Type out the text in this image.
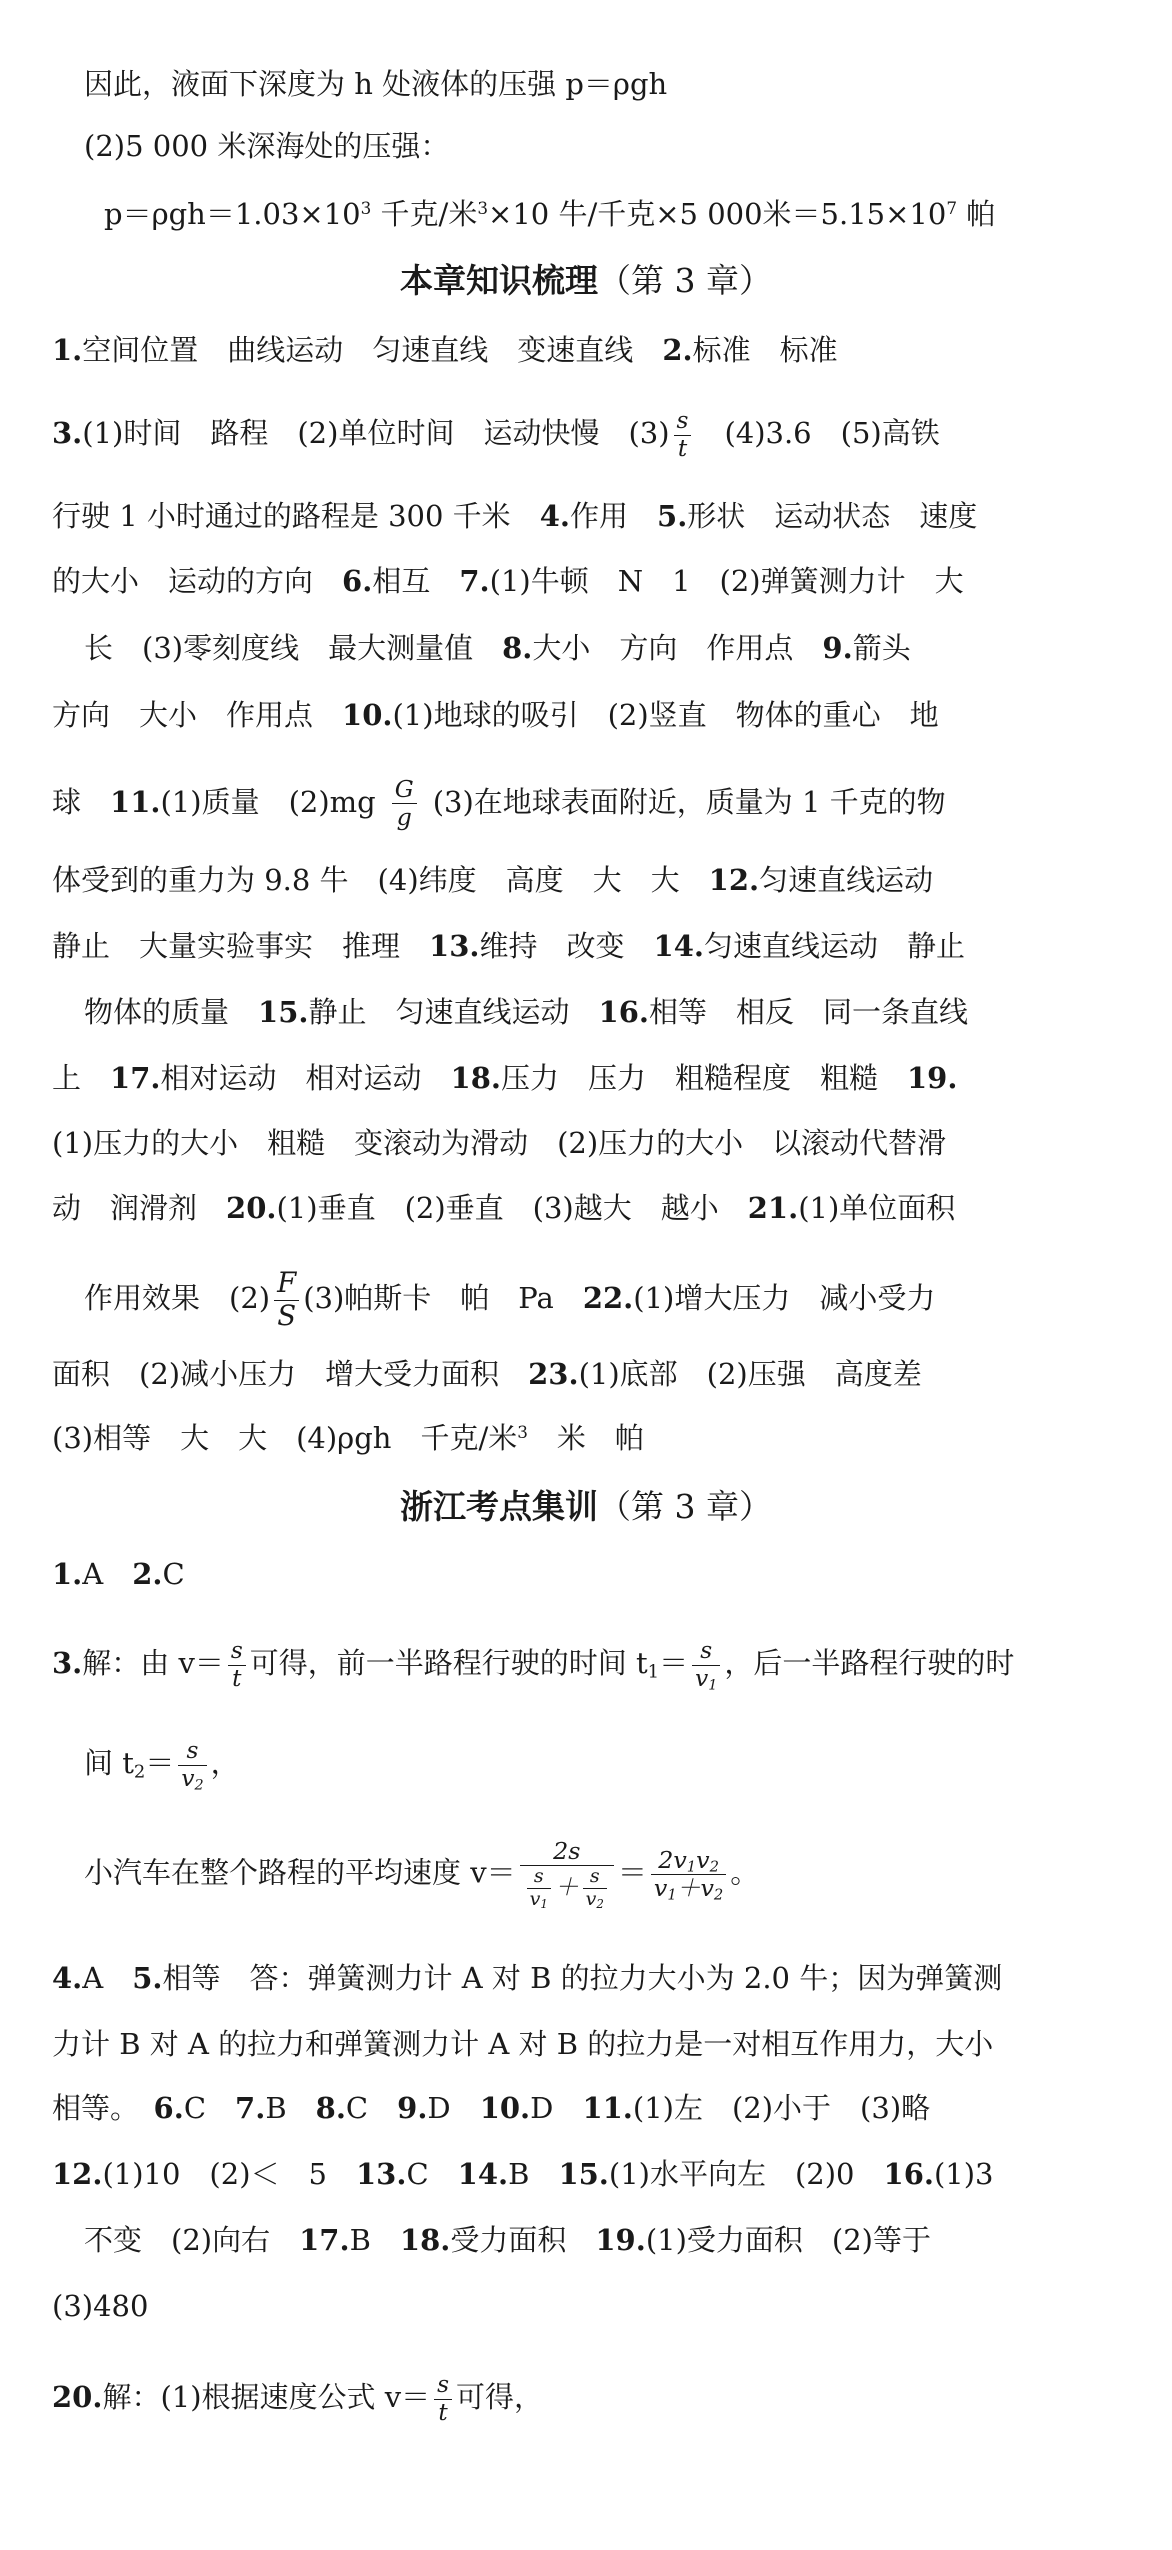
因此，液面下深度为 h 处液体的压强 p＝ρgh
(2)5 000 米深海处的压强：
$p=\rho gh=1.03\times 10^3$ 千克/米$^3$×10 牛/千克×5 000米$=5.15\times 10^7$ 帕
本章知识梳理（第 3 章）
1.空间位置　曲线运动　匀速直线　变速直线　 2.标准　标准
3.(1)时间　路程　(2)单位时间　运动快慢　$(3) \frac{s}{t}$ 　(4)3.6　(5)高铁
行驶 1 小时通过的路程是 300 千米　 4.作用　 5.形状　运动状态　速度
的大小　运动的方向　 6.相互　 7.(1)牛顿　N　1　(2)弹簧测力计　大
长　(3)零刻度线　最大测量值　 8.大小　方向　作用点　 9.箭头
方向　大小　作用点　 10.(1)地球的吸引　(2)竖直　物体的重心　地
球　 11.(1)质量　$(2)mg \frac{G}{g} (3)$在地球表面附近，质量为 1 千克的物
体受到的重力为 9.8 牛　(4)纬度　高度　大　大　 12.匀速直线运动
静止　大量实验事实　推理　 13.维持　改变　 14.匀速直线运动　静止
物体的质量　 15.静止　匀速直线运动　 16.相等　相反　同一条直线
上　 17.相对运动　相对运动　 18.压力　压力　粗糙程度　粗糙　 19.
(1)压力的大小　粗糙　变滚动为滑动　(2)压力的大小　以滚动代替滑
动　润滑剂　 20.(1)垂直　(2)垂直　(3)越大　越小　 21.(1)单位面积
作用效果　$(2) \frac{F}{S} (3)$帕斯卡　帕　Pa　 22.(1)增大压力　减小受力
面积　(2)减小压力　增大受力面积　 23.(1)底部　(2)压强　高度差
(3)相等　大　大　(4)ρgh　千克/米$^3$　米　帕
浙江考点集训（第 3 章）
1.A　 2.C
3.解：由 $v= \frac{s}{t}$ 可得，前一半路程行驶的时间 $t_1= \frac{s}{v_1}$ ，后一半路程行驶的时
间 $t_2= \frac{s}{v_2}$ ，
小汽车在整个路程的平均速度 $v= \frac{2s}{\frac{s}{v_1} + \frac{s}{v_2}} = \frac{2v_1v_2}{v_1+v_2}$ 。
4.A　 5.相等　答：弹簧测力计 A 对 B 的拉力大小为 2.0 牛；因为弹簧测
力计 B 对 A 的拉力和弹簧测力计 A 对 B 的拉力是一对相互作用力，大小
相等。　 6.C　 7.B　 8.C　 9.D　 10.D　 11.(1)左　(2)小于　(3)略
12.(1)10　(2)＜　5　 13.C　 14.B　 15.(1)水平向左　(2)0　 16.(1)3
不变　(2)向右　 17.B　 18.受力面积　 19.(1)受力面积　(2)等于
(3)480
20.解：(1)根据速度公式 $v= \frac{s}{t}$ 可得，
